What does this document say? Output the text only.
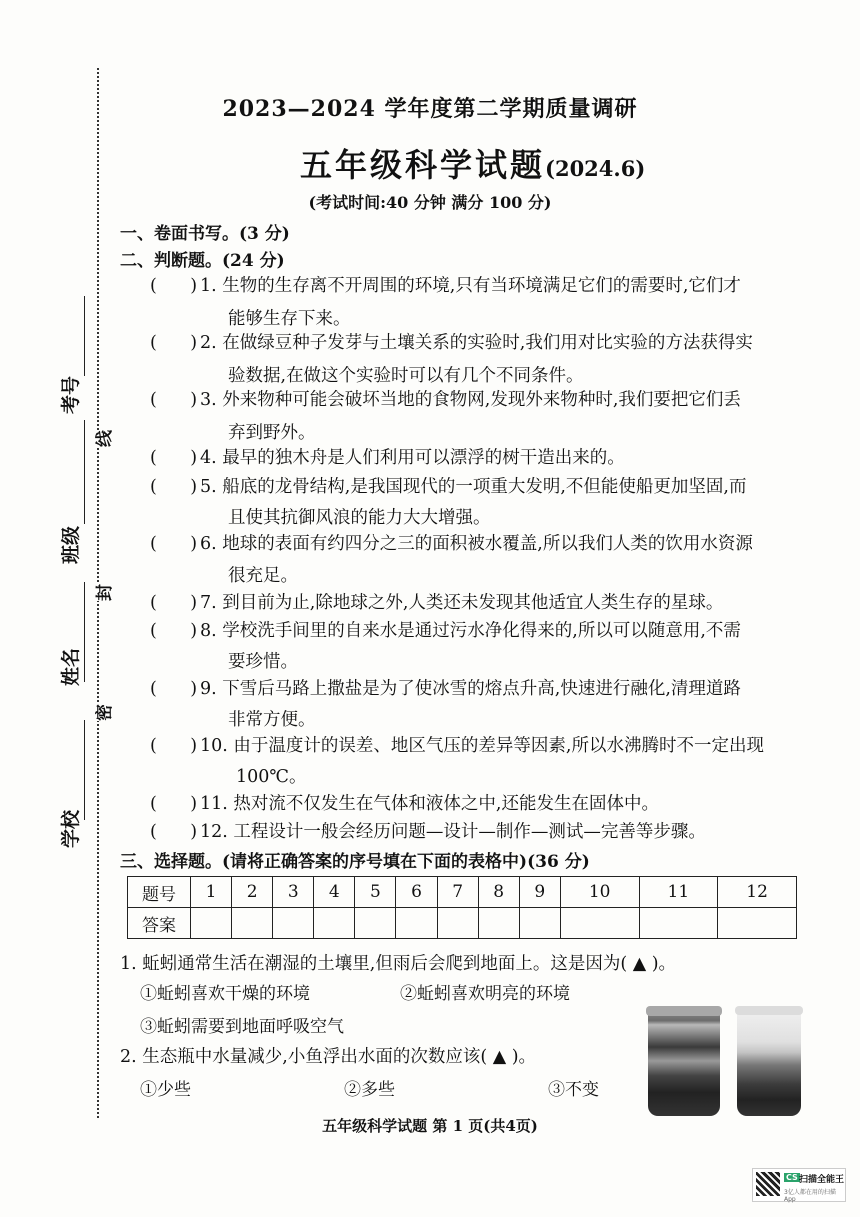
学校
姓名
班级
考号
密
封
线
2023—2024 学年度第二学期质量调研
五年级科学试题(2024.6)
(考试时间:40 分钟 满分 100 分)
一、卷面书写。(3 分)
二、判断题。(24 分)
(      ) 1. 生物的生存离不开周围的环境,只有当环境满足它们的需要时,它们才
能够生存下来。
(      ) 2. 在做绿豆种子发芽与土壤关系的实验时,我们用对比实验的方法获得实
验数据,在做这个实验时可以有几个不同条件。
(      ) 3. 外来物种可能会破坏当地的食物网,发现外来物种时,我们要把它们丢
弃到野外。
(      ) 4. 最早的独木舟是人们利用可以漂浮的树干造出来的。
(      ) 5. 船底的龙骨结构,是我国现代的一项重大发明,不但能使船更加坚固,而
且使其抗御风浪的能力大大增强。
(      ) 6. 地球的表面有约四分之三的面积被水覆盖,所以我们人类的饮用水资源
很充足。
(      ) 7. 到目前为止,除地球之外,人类还未发现其他适宜人类生存的星球。
(      ) 8. 学校洗手间里的自来水是通过污水净化得来的,所以可以随意用,不需
要珍惜。
(      ) 9. 下雪后马路上撒盐是为了使冰雪的熔点升高,快速进行融化,清理道路
非常方便。
(      ) 10. 由于温度计的误差、地区气压的差异等因素,所以水沸腾时不一定出现
100℃。
(      ) 11. 热对流不仅发生在气体和液体之中,还能发生在固体中。
(      ) 12. 工程设计一般会经历问题—设计—制作—测试—完善等步骤。
三、选择题。(请将正确答案的序号填在下面的表格中)(36 分)
题号	1	2	3	4	5	6	7	8	9	10	11	12
答案												
1. 蚯蚓通常生活在潮湿的土壤里,但雨后会爬到地面上。这是因为( ▲ )。
①蚯蚓喜欢干燥的环境	②蚯蚓喜欢明亮的环境
③蚯蚓需要到地面呼吸空气
2. 生态瓶中水量减少,小鱼浮出水面的次数应该( ▲ )。
①少些	②多些	③不变
五年级科学试题 第 1 页(共4页)
CS 扫描全能王
3亿人都在用的扫描App
